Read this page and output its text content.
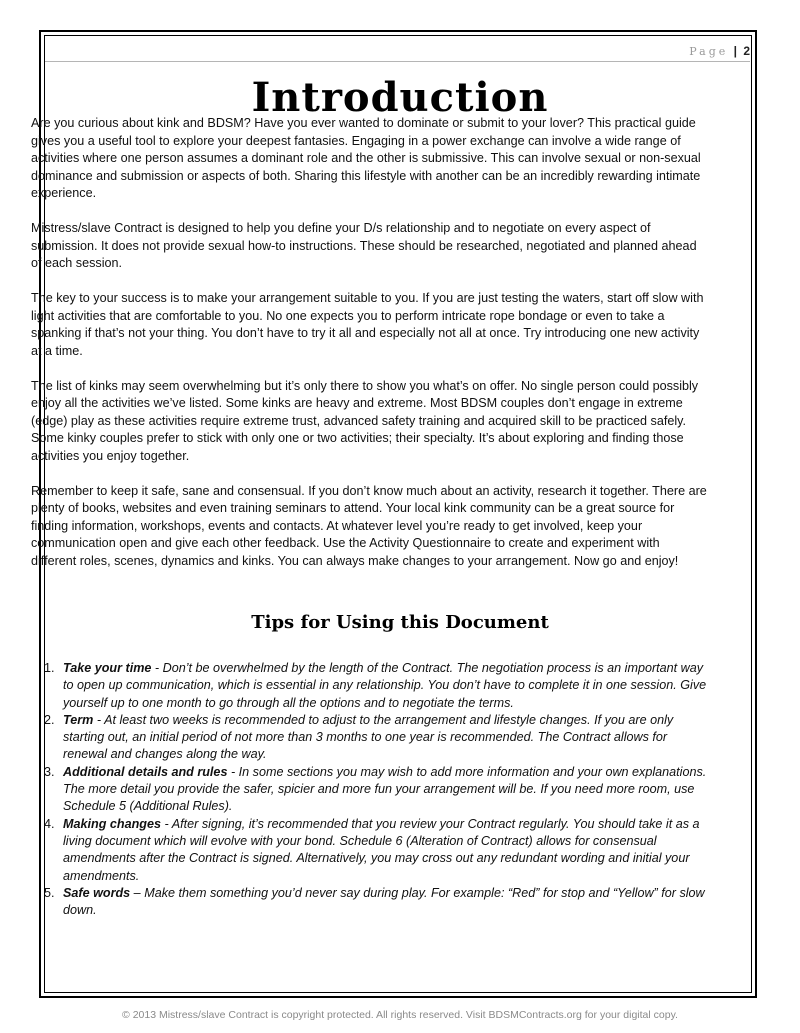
Page | 2
Introduction

Are you curious about kink and BDSM? Have you ever wanted to dominate or submit to your lover? This practical guide gives you a useful tool to explore your deepest fantasies. Engaging in a power exchange can involve a wide range of activities where one person assumes a dominant role and the other is submissive. This can involve sexual or non-sexual dominance and submission or aspects of both. Sharing this lifestyle with another can be an incredibly rewarding intimate experience.

Mistress/slave Contract is designed to help you define your D/s relationship and to negotiate on every aspect of submission. It does not provide sexual how-to instructions. These should be researched, negotiated and planned ahead of each session.

The key to your success is to make your arrangement suitable to you. If you are just testing the waters, start off slow with light activities that are comfortable to you. No one expects you to perform intricate rope bondage or even to take a spanking if that’s not your thing. You don’t have to try it all and especially not all at once. Try introducing one new activity at a time.

The list of kinks may seem overwhelming but it’s only there to show you what’s on offer. No single person could possibly enjoy all the activities we’ve listed. Some kinks are heavy and extreme. Most BDSM couples don’t engage in extreme (edge) play as these activities require extreme trust, advanced safety training and acquired skill to be practiced safely. Some kinky couples prefer to stick with only one or two activities; their specialty. It’s about exploring and finding those activities you enjoy together.

Remember to keep it safe, sane and consensual. If you don’t know much about an activity, research it together. There are plenty of books, websites and even training seminars to attend. Your local kink community can be a great source for finding information, workshops, events and contacts. At whatever level you’re ready to get involved, keep your communication open and give each other feedback. Use the Activity Questionnaire to create and experiment with different roles, scenes, dynamics and kinks. You can always make changes to your arrangement. Now go and enjoy!

Tips for Using this Document
1. Take your time - Don’t be overwhelmed by the length of the Contract. The negotiation process is an important way to open up communication, which is essential in any relationship. You don’t have to complete it in one session. Give yourself up to one month to go through all the options and to negotiate the terms.
2. Term - At least two weeks is recommended to adjust to the arrangement and lifestyle changes. If you are only starting out, an initial period of not more than 3 months to one year is recommended. The Contract allows for renewal and changes along the way.
3. Additional details and rules - In some sections you may wish to add more information and your own explanations. The more detail you provide the safer, spicier and more fun your arrangement will be. If you need more room, use Schedule 5 (Additional Rules).
4. Making changes - After signing, it’s recommended that you review your Contract regularly. You should take it as a living document which will evolve with your bond. Schedule 6 (Alteration of Contract) allows for consensual amendments after the Contract is signed. Alternatively, you may cross out any redundant wording and initial your amendments.
5. Safe words – Make them something you’d never say during play. For example: “Red” for stop and “Yellow” for slow down.
© 2013 Mistress/slave Contract is copyright protected. All rights reserved. Visit BDSMContracts.org for your digital copy.
